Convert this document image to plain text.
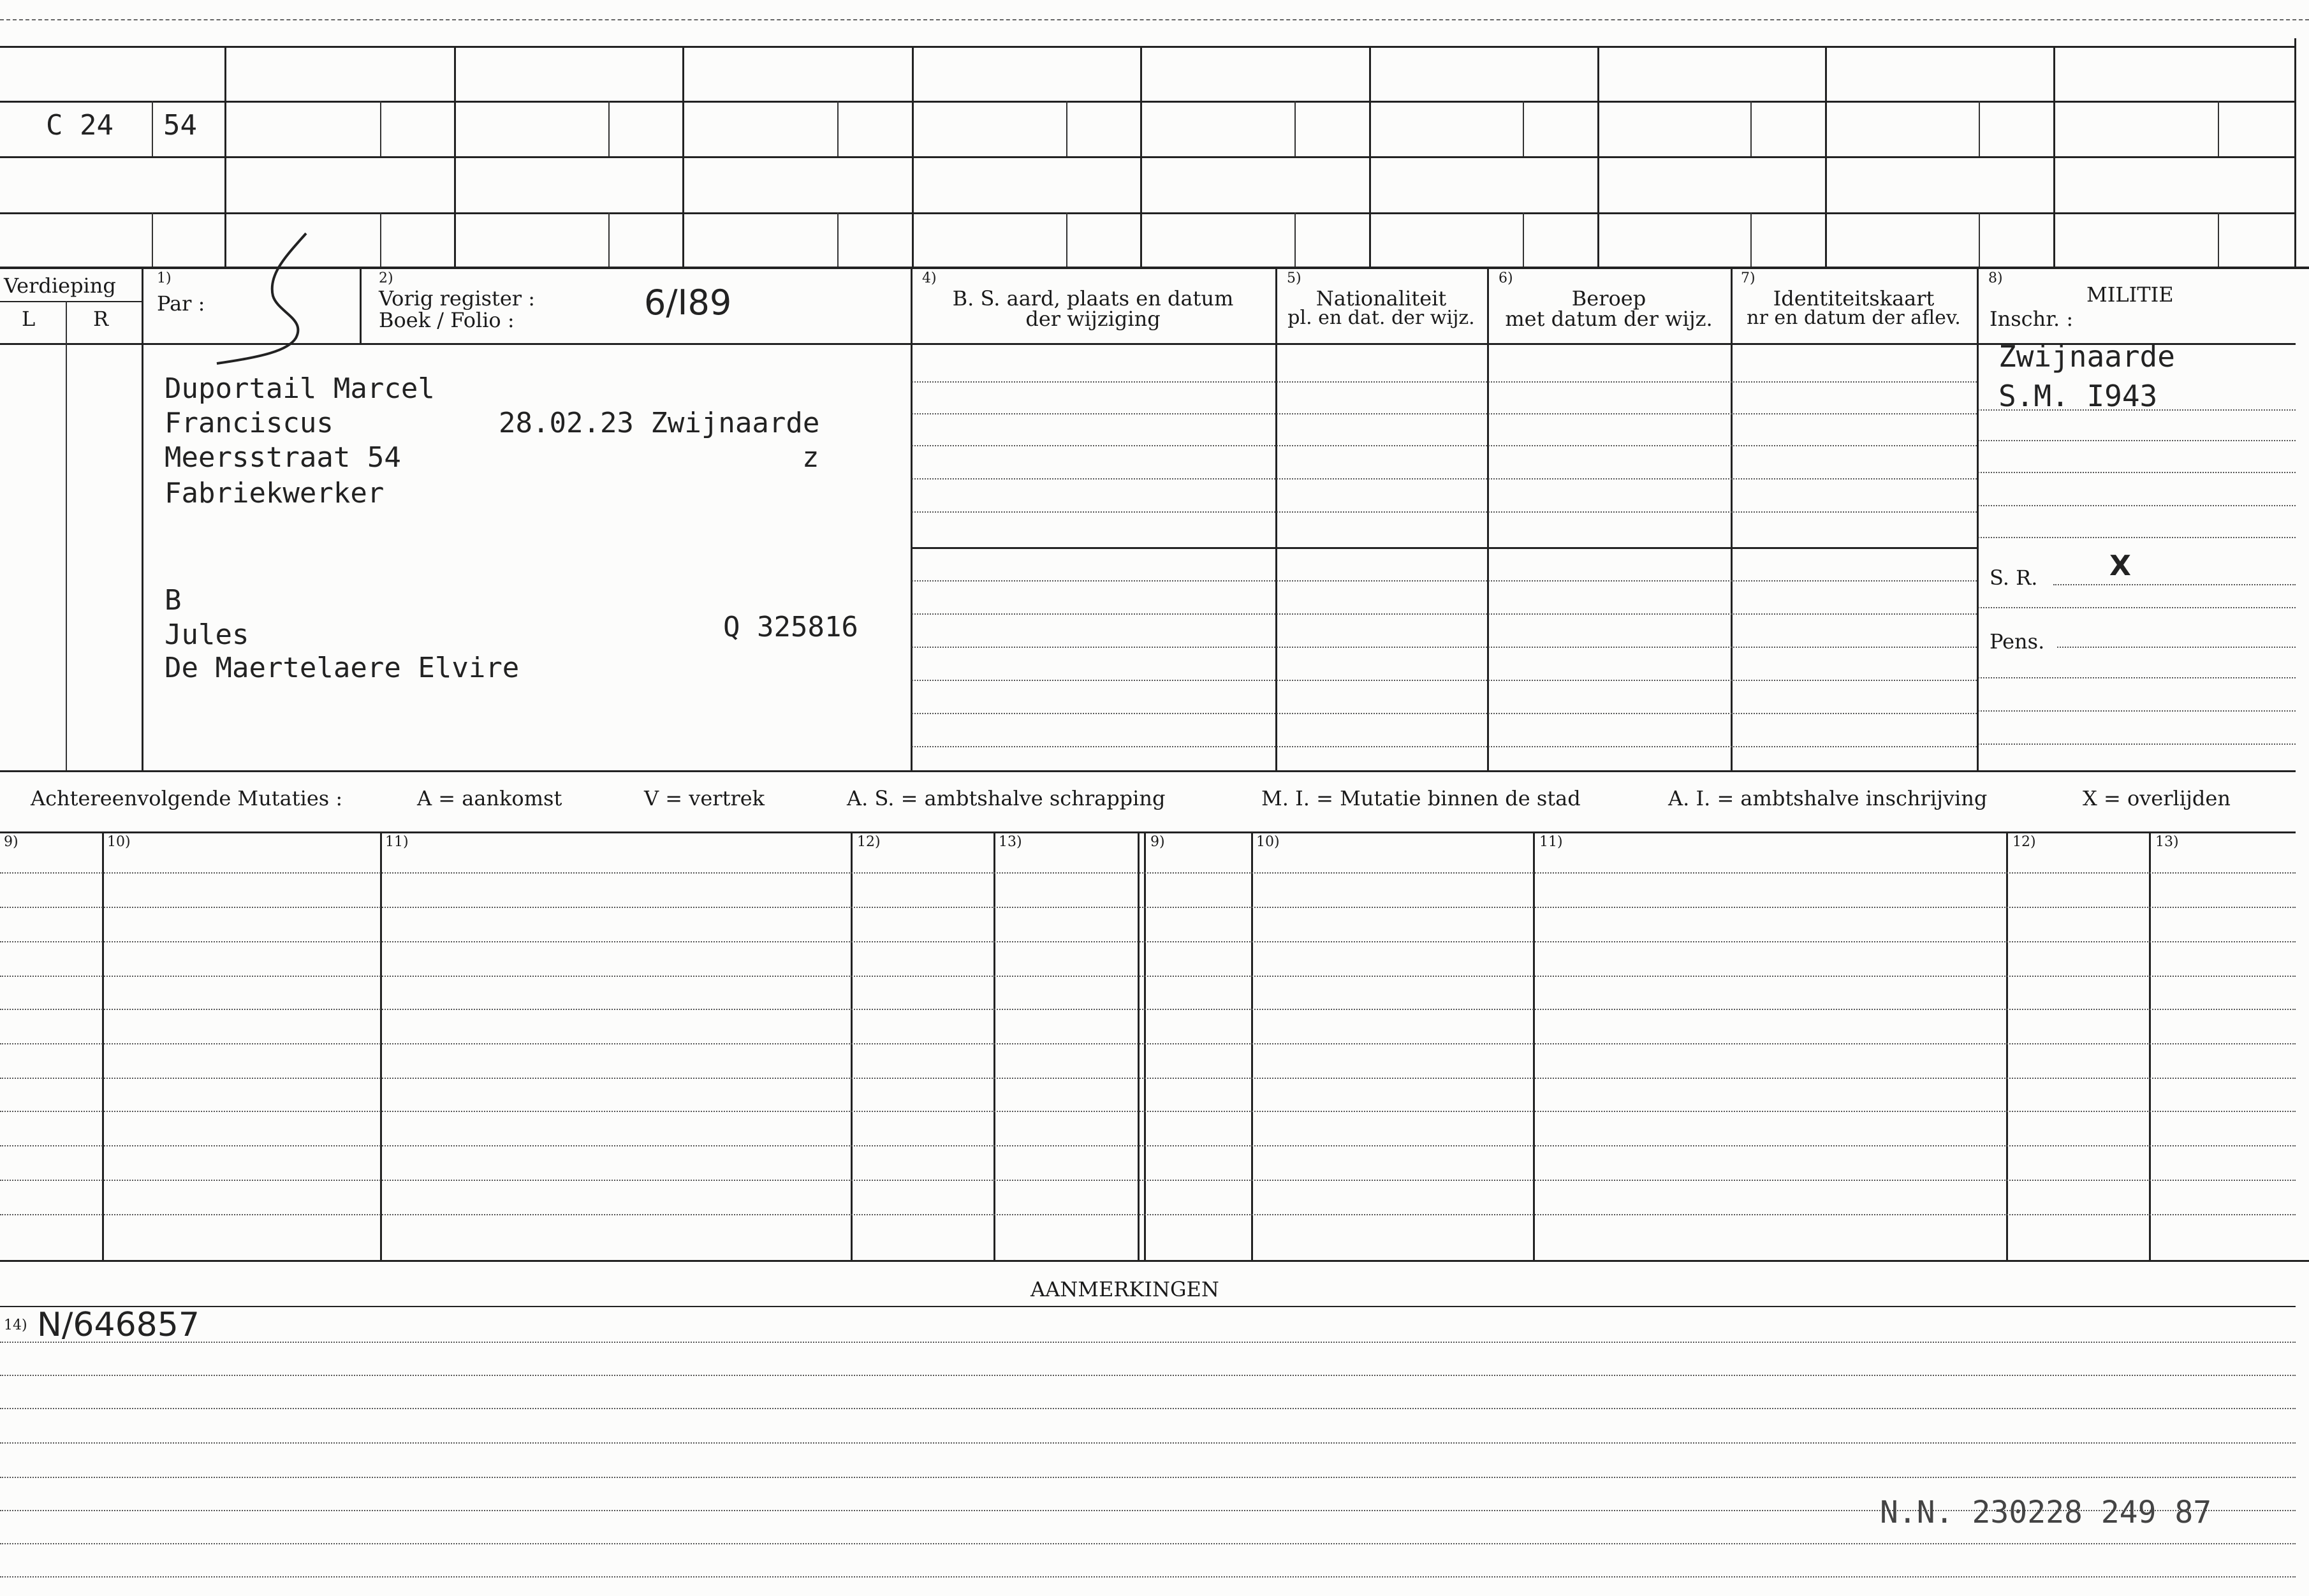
C 24 54
Verdieping
L	R
1)
Par :
2)
Vorig register :
Boek / Folio :	6/I89
4)
B. S. aard, plaats en datum
der wijziging
5)
Nationaliteit
pl. en dat. der wijz.
6)
Beroep
met datum der wijz.
7)
Identiteitskaart
nr en datum der aflev.
8)
MILITIE
Inschr. :
Duportail Marcel
Franciscus	28.02.23 Zwijnaarde
Meersstraat 54	z
Fabriekwerker
B
Jules	Q 325816
De Maertelaere Elvire
Zwijnaarde
S.M. I943
S. R.	X
Pens.
Achtereenvolgende Mutaties :	A = aankomst	V = vertrek	A. S. = ambtshalve schrapping	M. I. = Mutatie binnen de stad	A. I. = ambtshalve inschrijving	X = overlijden
9)	10)	11)	12)	13)	9)	10)	11)	12)	13)
AANMERKINGEN
14) N/646857
N.N. 230228 249 87
